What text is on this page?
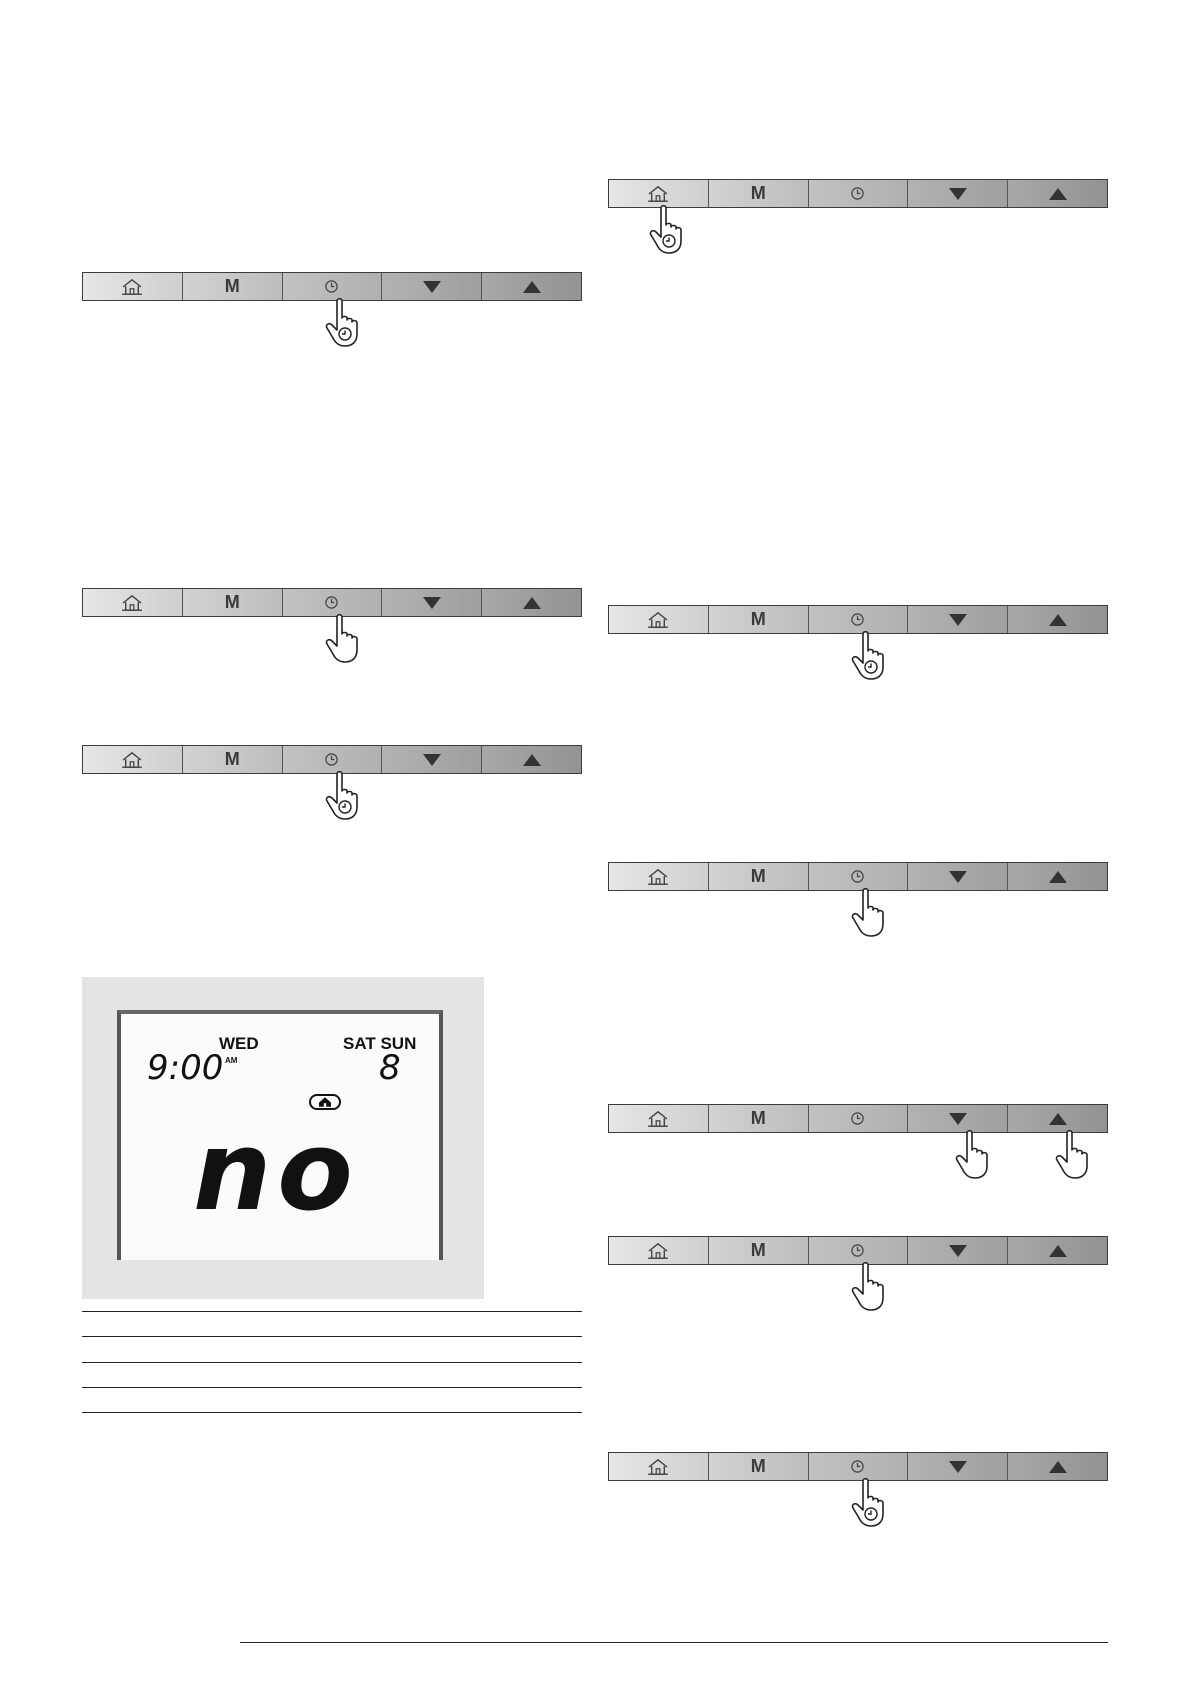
M
M
M
WED	SAT SUN
9:00 AM	8
no
M
M
M
M
M
M
